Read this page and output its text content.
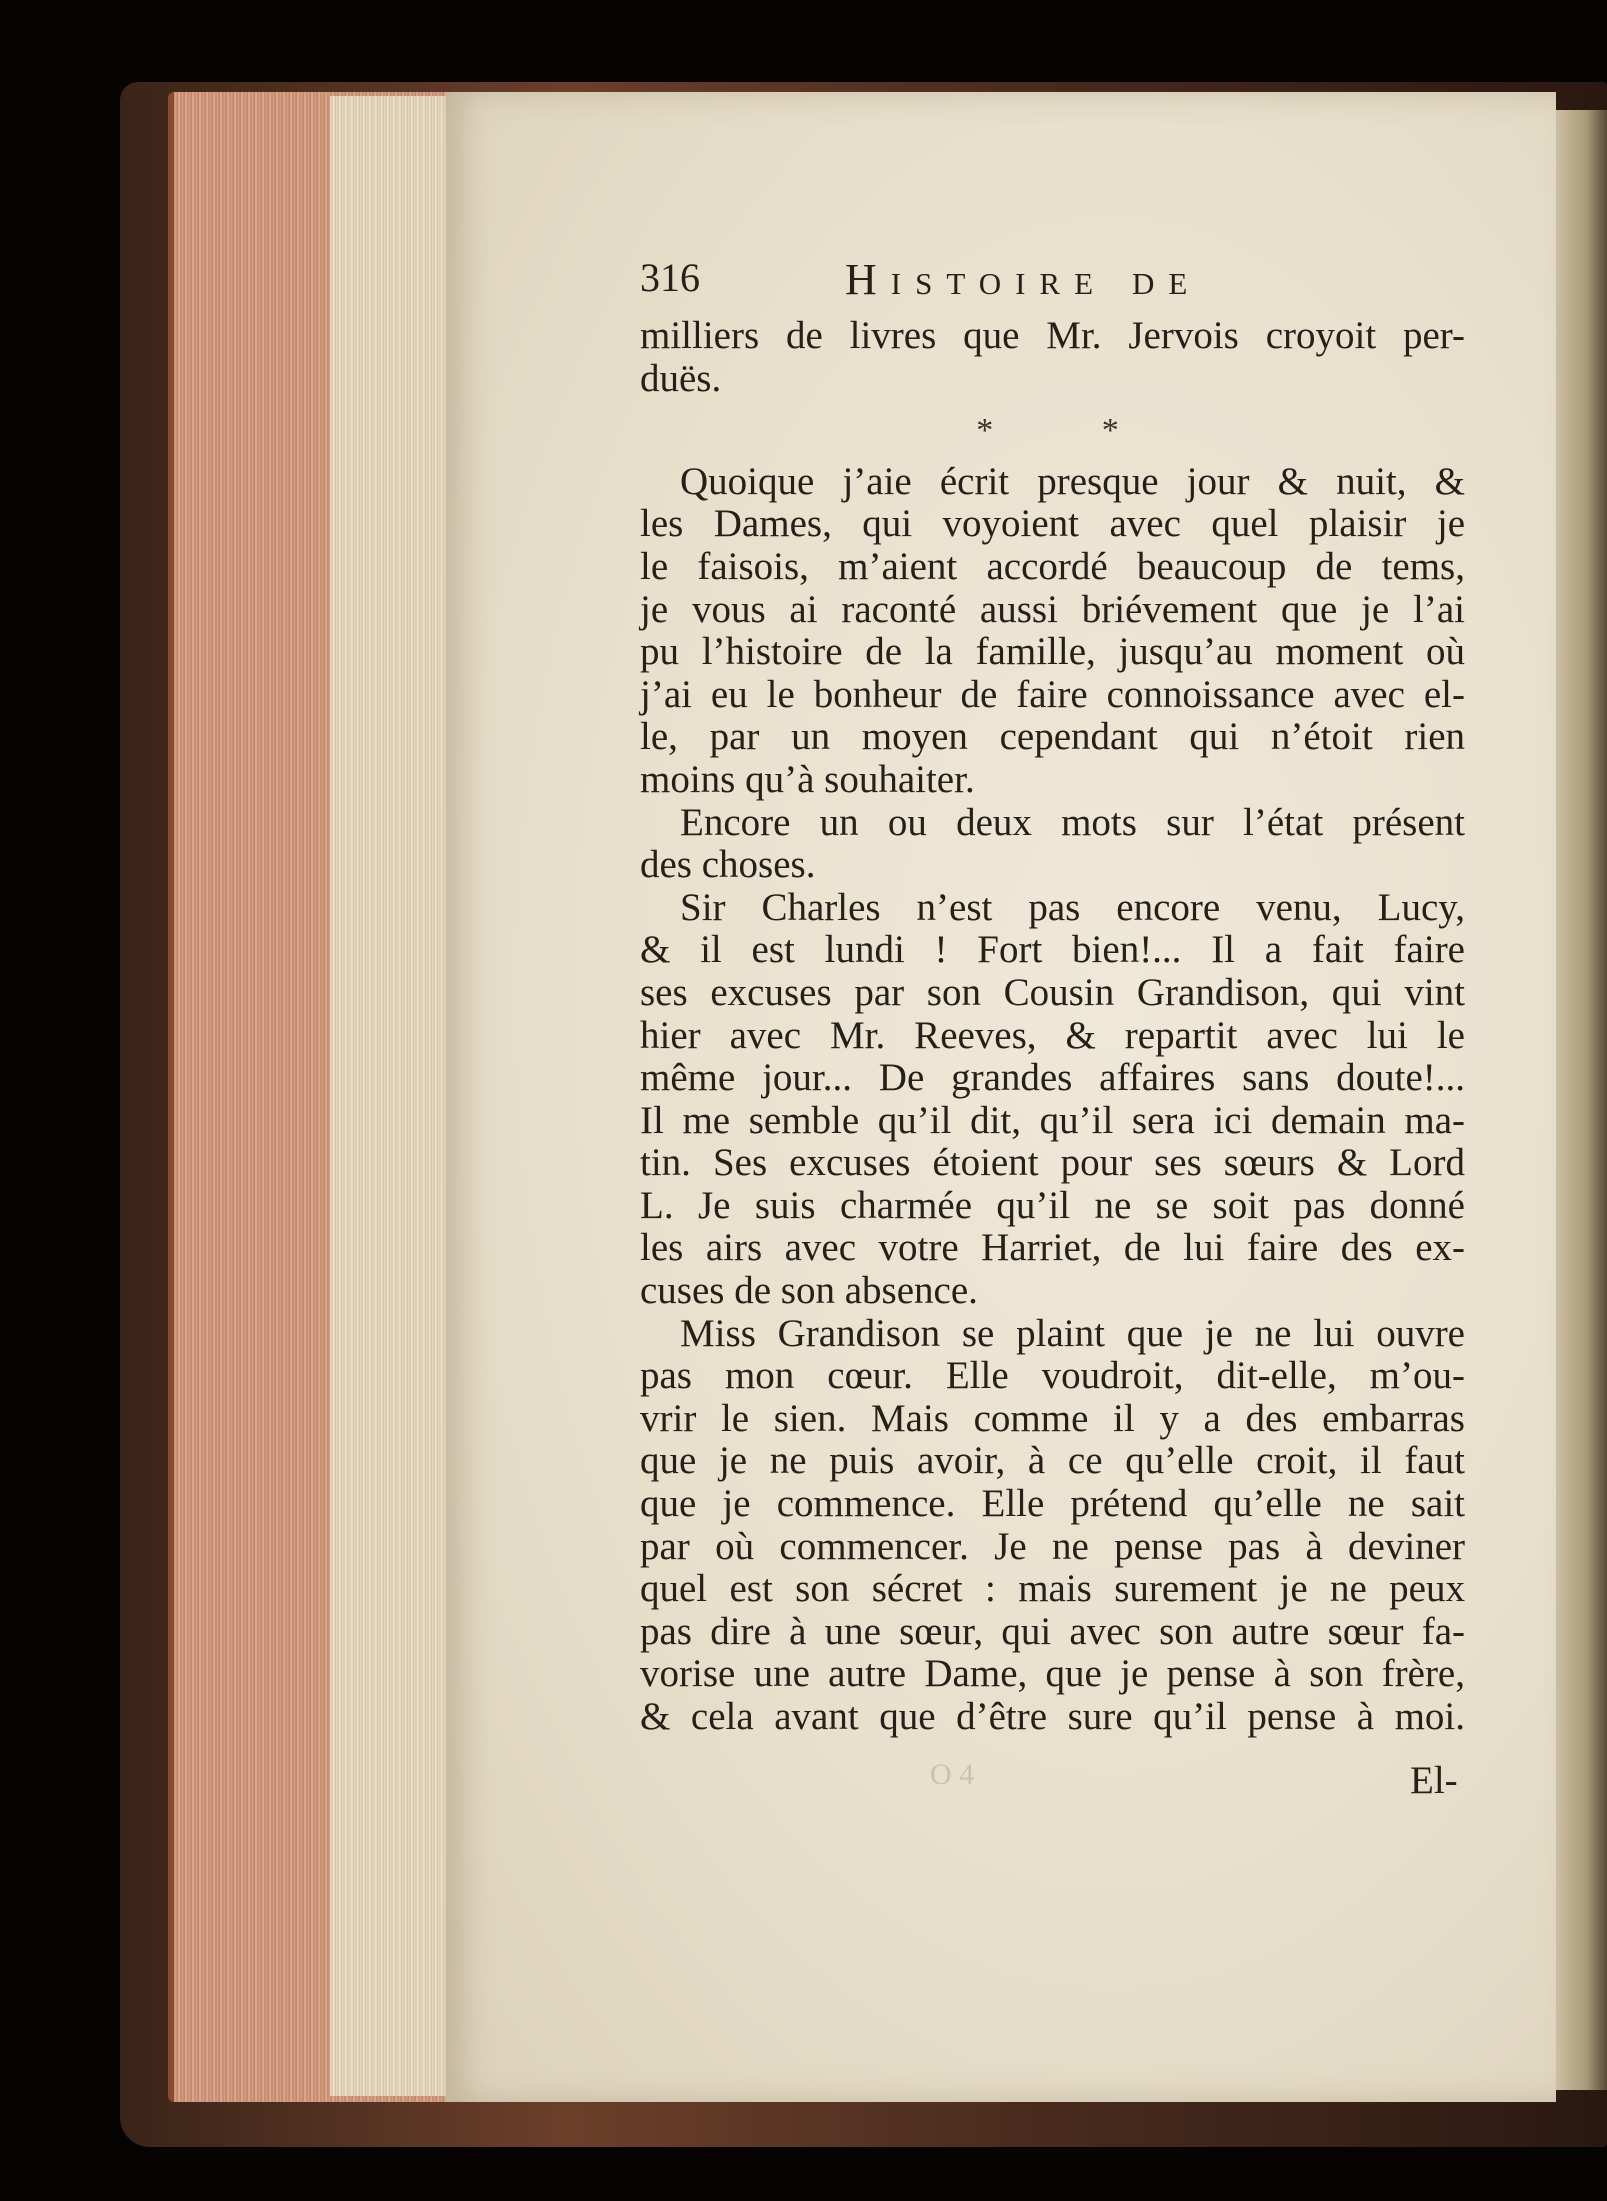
316	Histoire de
milliers de livres que Mr. Jervois croyoit per-
duës.
* *
Quoique j’aie écrit presque jour & nuit, &
les Dames, qui voyoient avec quel plaisir je
le faisois, m’aient accordé beaucoup de tems,
je vous ai raconté aussi briévement que je l’ai
pu l’histoire de la famille, jusqu’au moment où
j’ai eu le bonheur de faire connoissance avec el-
le, par un moyen cependant qui n’étoit rien
moins qu’à souhaiter.
Encore un ou deux mots sur l’état présent
des choses.
Sir Charles n’est pas encore venu, Lucy,
& il est lundi ! Fort bien!... Il a fait faire
ses excuses par son Cousin Grandison, qui vint
hier avec Mr. Reeves, & repartit avec lui le
même jour... De grandes affaires sans doute!...
Il me semble qu’il dit, qu’il sera ici demain ma-
tin. Ses excuses étoient pour ses sœurs & Lord
L. Je suis charmée qu’il ne se soit pas donné
les airs avec votre Harriet, de lui faire des ex-
cuses de son absence.
Miss Grandison se plaint que je ne lui ouvre
pas mon cœur. Elle voudroit, dit-elle, m’ou-
vrir le sien. Mais comme il y a des embarras
que je ne puis avoir, à ce qu’elle croit, il faut
que je commence. Elle prétend qu’elle ne sait
par où commencer. Je ne pense pas à deviner
quel est son sécret : mais surement je ne peux
pas dire à une sœur, qui avec son autre sœur fa-
vorise une autre Dame, que je pense à son frère,
& cela avant que d’être sure qu’il pense à moi.
O 4	El-
